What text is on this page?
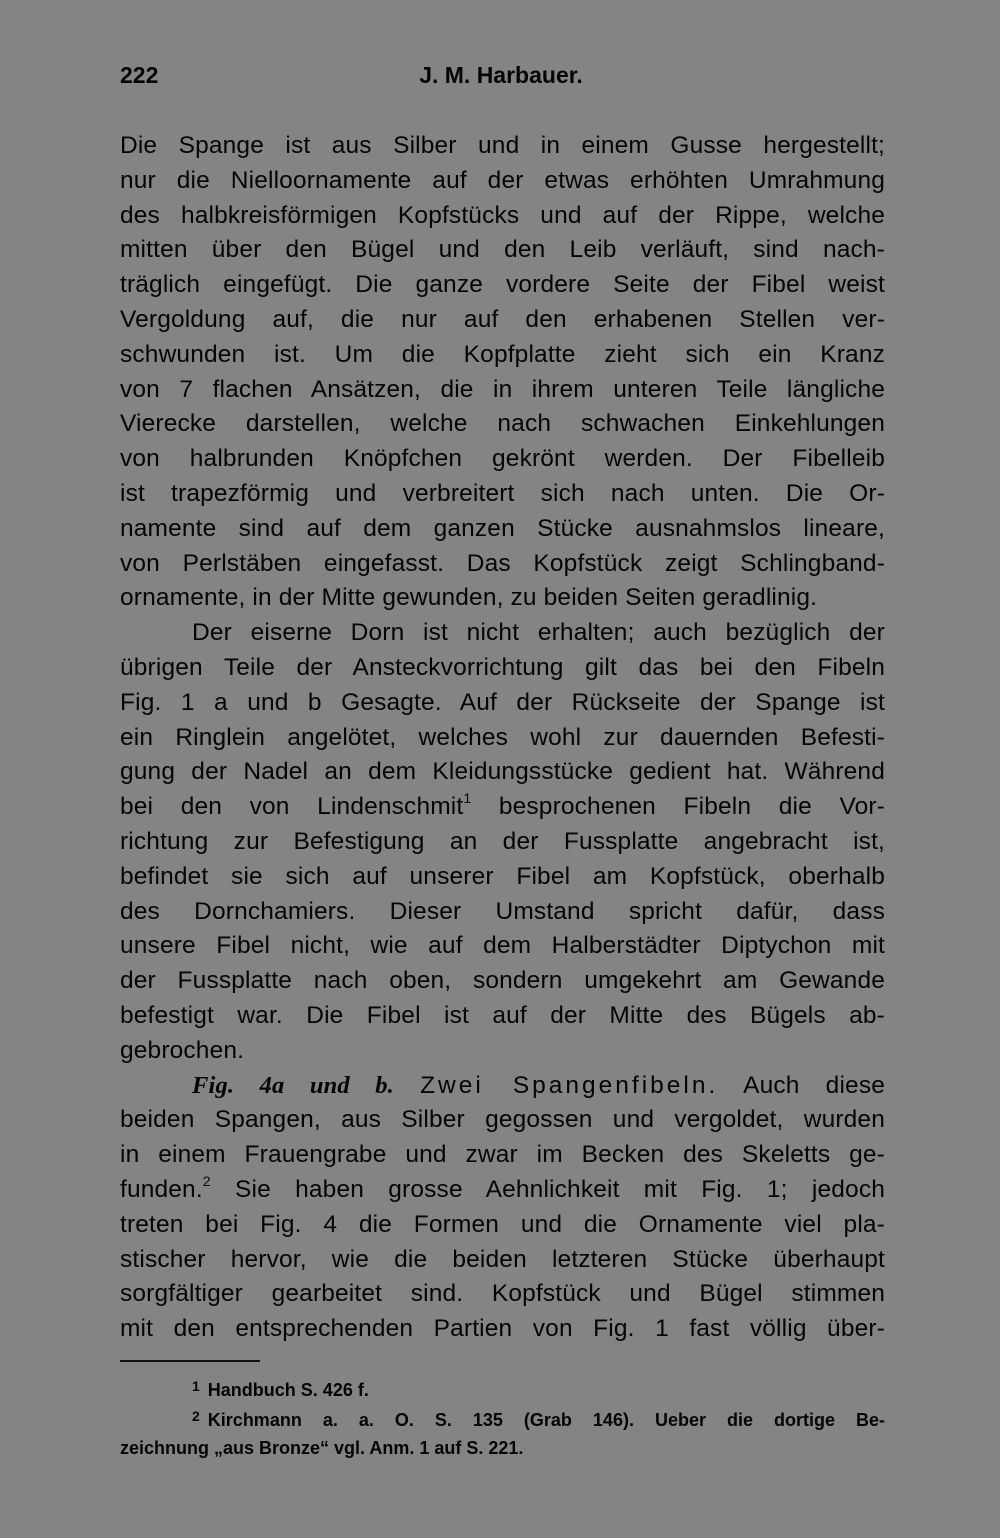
222	J. M. Harbauer.
Die Spange ist aus Silber und in einem Gusse hergestellt;
nur die Nielloornamente auf der etwas erhöhten Umrahmung
des halbkreisförmigen Kopfstücks und auf der Rippe, welche
mitten über den Bügel und den Leib verläuft, sind nach-
träglich eingefügt. Die ganze vordere Seite der Fibel weist
Vergoldung auf, die nur auf den erhabenen Stellen ver-
schwunden ist. Um die Kopfplatte zieht sich ein Kranz
von 7 flachen Ansätzen, die in ihrem unteren Teile längliche
Vierecke darstellen, welche nach schwachen Einkehlungen
von halbrunden Knöpfchen gekrönt werden. Der Fibelleib
ist trapezförmig und verbreitert sich nach unten. Die Or-
namente sind auf dem ganzen Stücke ausnahmslos lineare,
von Perlstäben eingefasst. Das Kopfstück zeigt Schlingband-
ornamente, in der Mitte gewunden, zu beiden Seiten geradlinig.
Der eiserne Dorn ist nicht erhalten; auch bezüglich der
übrigen Teile der Ansteckvorrichtung gilt das bei den Fibeln
Fig. 1 a und b Gesagte. Auf der Rückseite der Spange ist
ein Ringlein angelötet, welches wohl zur dauernden Befesti-
gung der Nadel an dem Kleidungsstücke gedient hat. Während
bei den von Lindenschmit$^1$ besprochenen Fibeln die Vor-
richtung zur Befestigung an der Fussplatte angebracht ist,
befindet sie sich auf unserer Fibel am Kopfstück, oberhalb
des Dornchamiers. Dieser Umstand spricht dafür, dass
unsere Fibel nicht, wie auf dem Halberstädter Diptychon mit
der Fussplatte nach oben, sondern umgekehrt am Gewande
befestigt war. Die Fibel ist auf der Mitte des Bügels ab-
gebrochen.
Fig. 4a und b. Zwei Spangenfibeln. Auch diese
beiden Spangen, aus Silber gegossen und vergoldet, wurden
in einem Frauengrabe und zwar im Becken des Skeletts ge-
funden.$^2$ Sie haben grosse Aehnlichkeit mit Fig. 1; jedoch
treten bei Fig. 4 die Formen und die Ornamente viel pla-
stischer hervor, wie die beiden letzteren Stücke überhaupt
sorgfältiger gearbeitet sind. Kopfstück und Bügel stimmen
mit den entsprechenden Partien von Fig. 1 fast völlig über-
$^1$ Handbuch S. 426 f.
$^2$ Kirchmann a. a. O. S. 135 (Grab 146). Ueber die dortige Be-
zeichnung „aus Bronze“ vgl. Anm. 1 auf S. 221.
